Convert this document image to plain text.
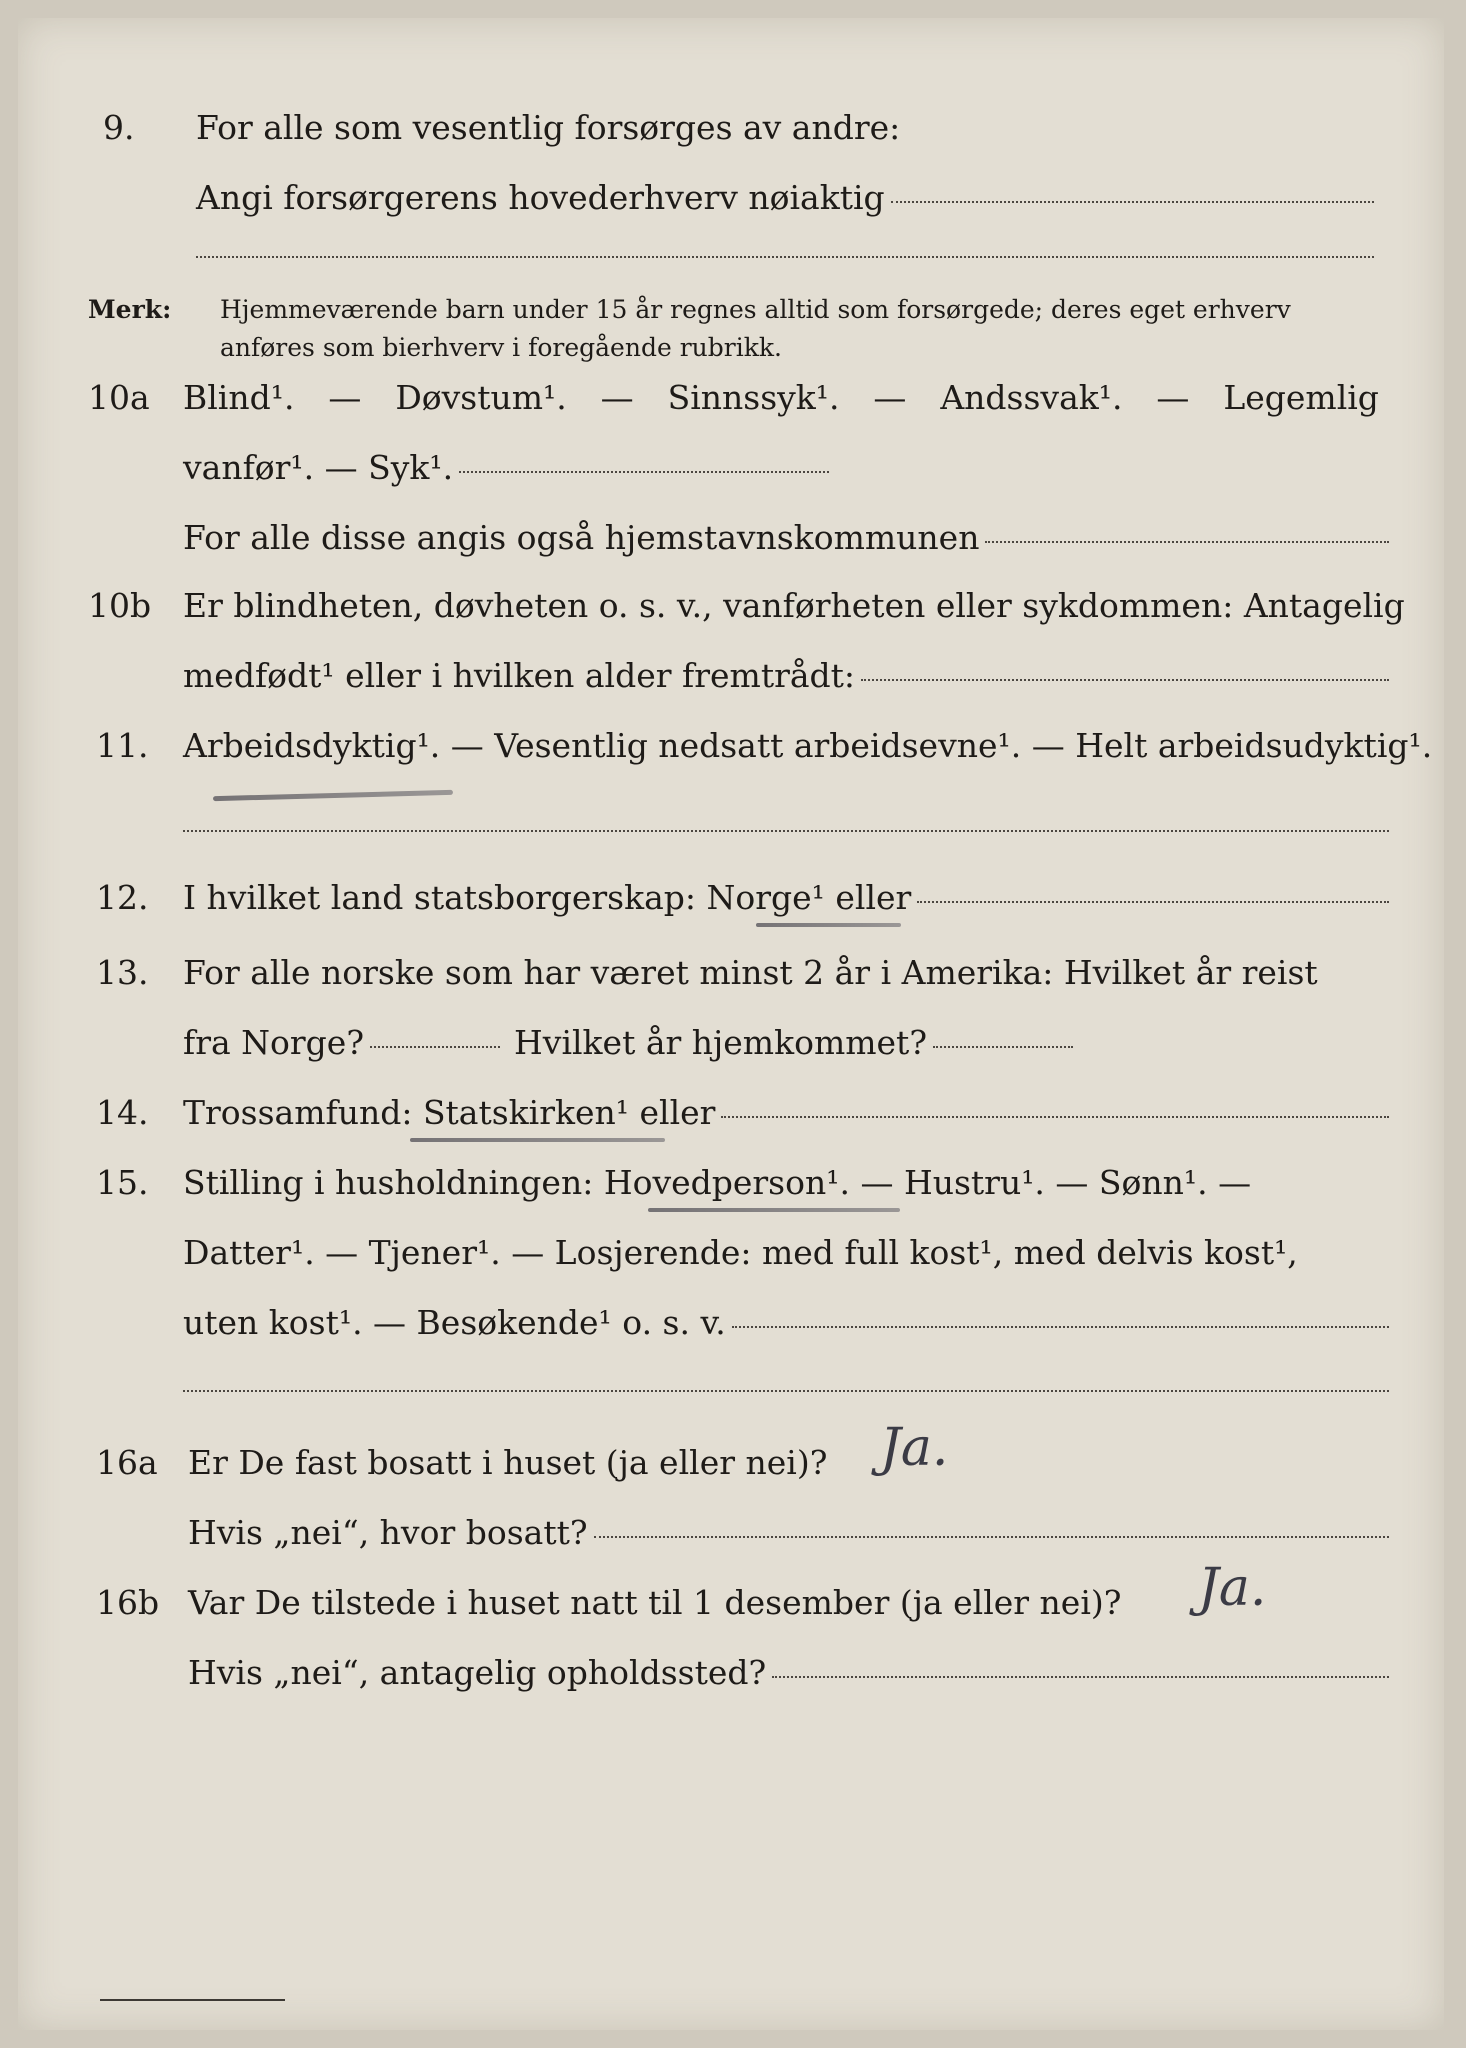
9. For alle som vesentlig forsørges av andre:
Angi forsørgerens hovederhverv nøiaktig
Merk: Hjemmeværende barn under 15 år regnes alltid som forsørgede; deres eget erhverv
anføres som bierhverv i foregående rubrikk.
10a Blind¹. — Døvstum¹. — Sinnssyk¹. — Andssvak¹. — Legemlig
vanfør¹. — Syk¹.
For alle disse angis også hjemstavnskommunen
10b Er blindheten, døvheten o. s. v., vanførheten eller sykdommen: Antagelig
medfødt¹ eller i hvilken alder fremtrådt:
11. Arbeidsdyktig¹. — Vesentlig nedsatt arbeidsevne¹. — Helt arbeidsudyktig¹.
12. I hvilket land statsborgerskap: Norge¹ eller
13. For alle norske som har været minst 2 år i Amerika: Hvilket år reist
fra Norge?	Hvilket år hjemkommet?
14. Trossamfund: Statskirken¹ eller
15. Stilling i husholdningen: Hovedperson¹. — Hustru¹. — Sønn¹. —
Datter¹. — Tjener¹. — Losjerende: med full kost¹, med delvis kost¹,
uten kost¹. — Besøkende¹ o. s. v.
16a Er De fast bosatt i huset (ja eller nei)? Ja.
Hvis „nei“, hvor bosatt?
16b Var De tilstede i huset natt til 1 desember (ja eller nei)? Ja.
Hvis „nei“, antagelig opholdssted?
